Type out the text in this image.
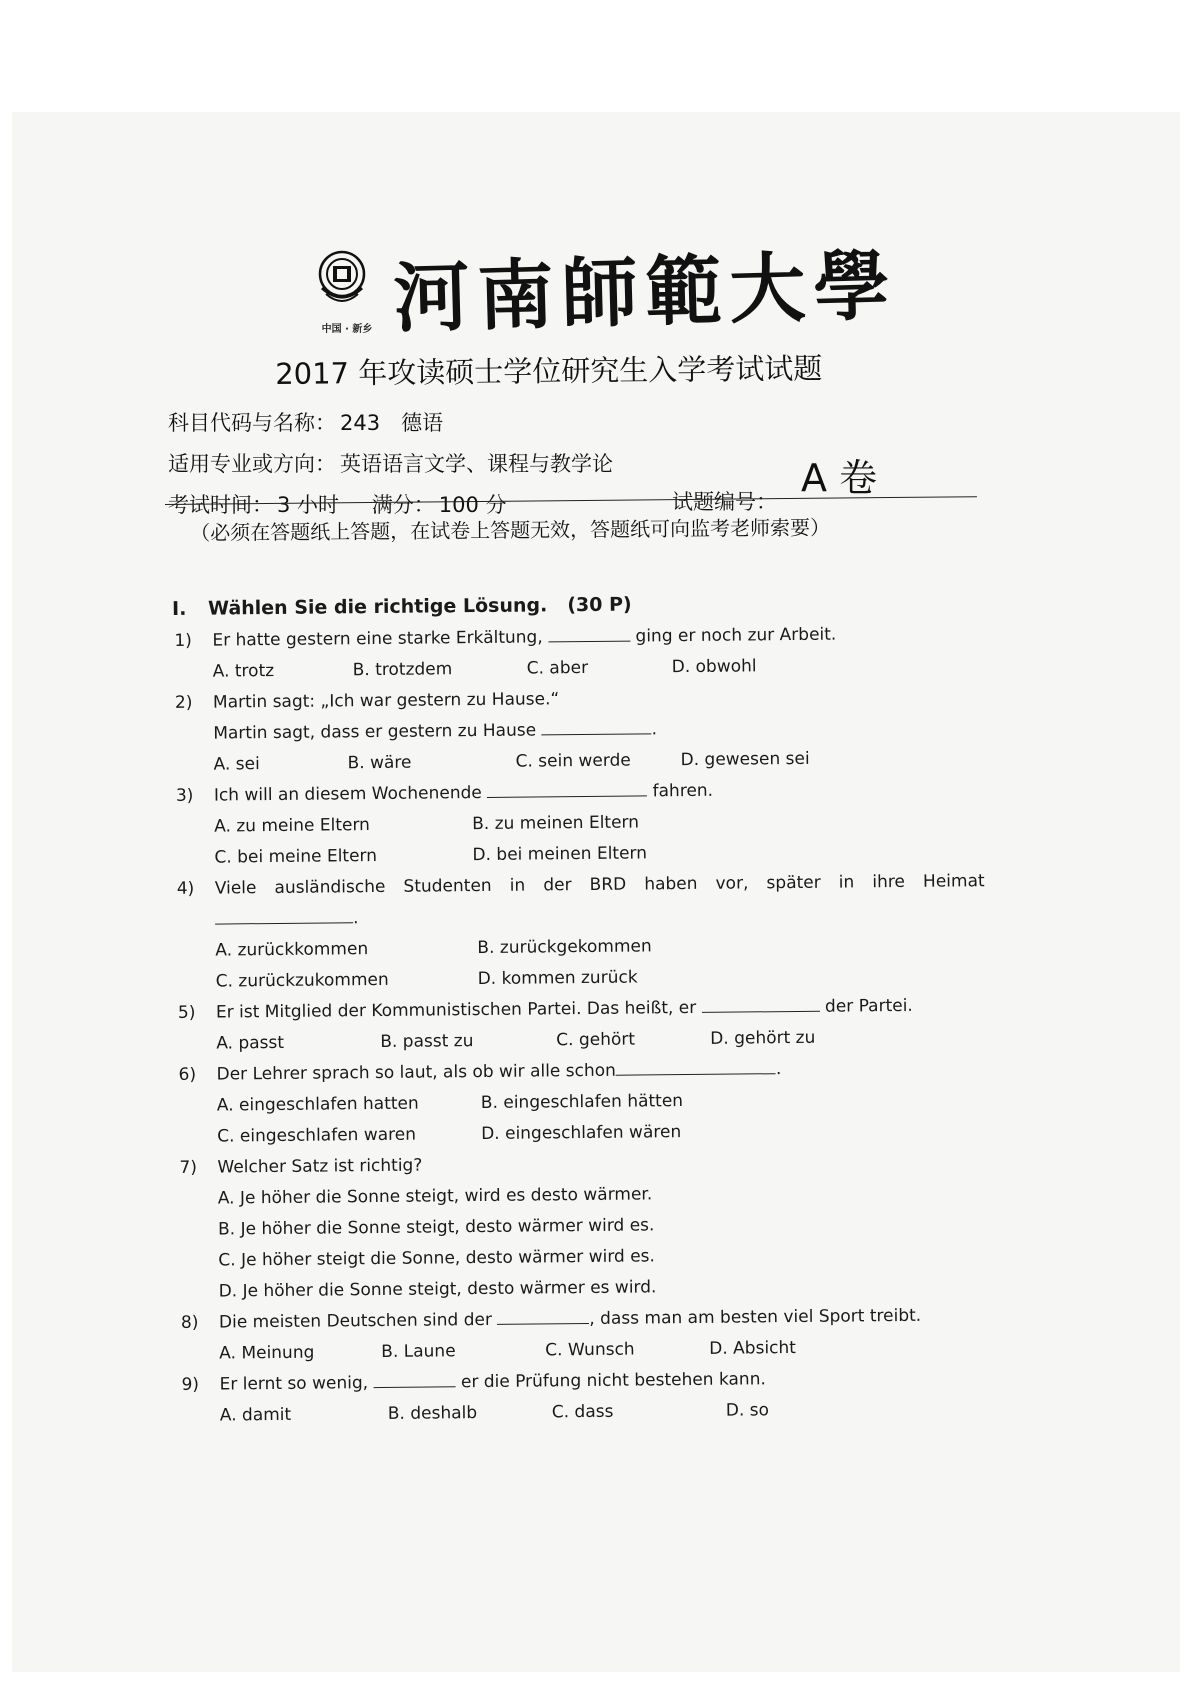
中国 · 新乡 河南師範大學
2017 年攻读硕士学位研究生入学考试试题
科目代码与名称： 243　德语
适用专业或方向： 英语语言文学、课程与教学论
考试时间： 3 小时 满分： 100 分	试题编号：
A 卷
（必须在答题纸上答题，在试卷上答题无效，答题纸可向监考老师索要）
I. Wählen Sie die richtige Lösung. (30 P)
1)	Er hatte gestern eine starke Erkältung,	ging er noch zur Arbeit.
A. trotz	B. trotzdem	C. aber	D. obwohl
2)	Martin sagt: „Ich war gestern zu Hause.“
Martin sagt, dass er gestern zu Hause	.
A. sei	B. wäre	C. sein werde	D. gewesen sei
3)	Ich will an diesem Wochenende	fahren.
A. zu meine Eltern	B. zu meinen Eltern
C. bei meine Eltern	D. bei meinen Eltern
4)	Viele ausländische Studenten in der BRD haben vor, später in ihre Heimat
.
A. zurückkommen	B. zurückgekommen
C. zurückzukommen	D. kommen zurück
5)	Er ist Mitglied der Kommunistischen Partei. Das heißt, er	der Partei.
A. passt	B. passt zu	C. gehört	D. gehört zu
6)	Der Lehrer sprach so laut, als ob wir alle schon	.
A. eingeschlafen hatten	B. eingeschlafen hätten
C. eingeschlafen waren	D. eingeschlafen wären
7)	Welcher Satz ist richtig?
A. Je höher die Sonne steigt, wird es desto wärmer.
B. Je höher die Sonne steigt, desto wärmer wird es.
C. Je höher steigt die Sonne, desto wärmer wird es.
D. Je höher die Sonne steigt, desto wärmer es wird.
8)	Die meisten Deutschen sind der	, dass man am besten viel Sport treibt.
A. Meinung	B. Laune	C. Wunsch	D. Absicht
9)	Er lernt so wenig,	er die Prüfung nicht bestehen kann.
A. damit	B. deshalb	C. dass	D. so
